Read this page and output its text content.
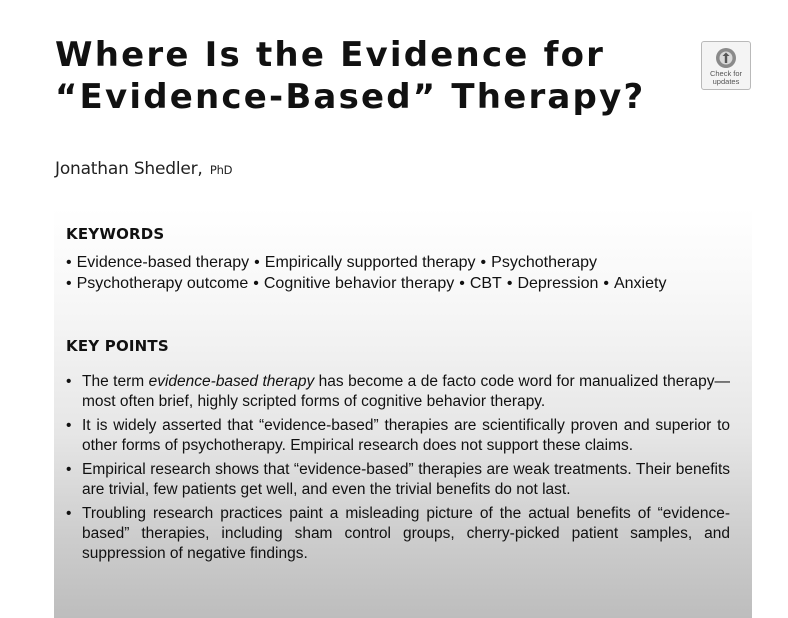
Where Is the Evidence for
“Evidence-Based” Therapy?
Check for
updates
Jonathan Shedler, PhD
KEYWORDS
• Evidence-based therapy • Empirically supported therapy • Psychotherapy
• Psychotherapy outcome • Cognitive behavior therapy • CBT • Depression • Anxiety
KEY POINTS
• The term evidence-based therapy has become a de facto code word for manualized therapy—most often brief, highly scripted forms of cognitive behavior therapy.
• It is widely asserted that “evidence-based” therapies are scientifically proven and superior to other forms of psychotherapy. Empirical research does not support these claims.
• Empirical research shows that “evidence-based” therapies are weak treatments. Their benefits are trivial, few patients get well, and even the trivial benefits do not last.
• Troubling research practices paint a misleading picture of the actual benefits of “evidence-based” therapies, including sham control groups, cherry-picked patient samples, and suppression of negative findings.
